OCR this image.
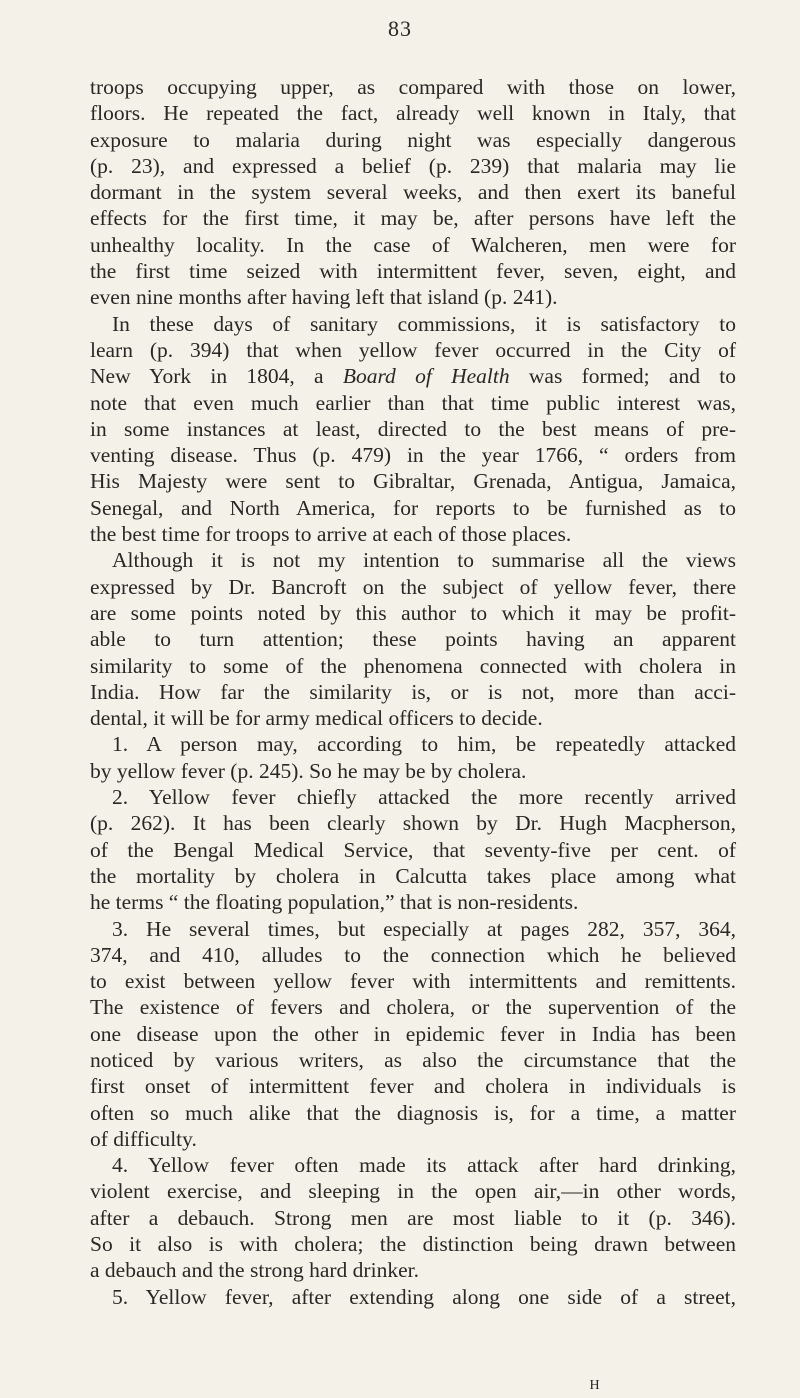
83
troops occupying upper, as compared with those on lower,
floors. He repeated the fact, already well known in Italy, that
exposure to malaria during night was especially dangerous
(p. 23), and expressed a belief (p. 239) that malaria may lie
dormant in the system several weeks, and then exert its baneful
effects for the first time, it may be, after persons have left the
unhealthy locality. In the case of Walcheren, men were for
the first time seized with intermittent fever, seven, eight, and
even nine months after having left that island (p. 241).
In these days of sanitary commissions, it is satisfactory to
learn (p. 394) that when yellow fever occurred in the City of
New York in 1804, a Board of Health was formed; and to
note that even much earlier than that time public interest was,
in some instances at least, directed to the best means of pre-
venting disease. Thus (p. 479) in the year 1766, “ orders from
His Majesty were sent to Gibraltar, Grenada, Antigua, Jamaica,
Senegal, and North America, for reports to be furnished as to
the best time for troops to arrive at each of those places.
Although it is not my intention to summarise all the views
expressed by Dr. Bancroft on the subject of yellow fever, there
are some points noted by this author to which it may be profit-
able to turn attention; these points having an apparent
similarity to some of the phenomena connected with cholera in
India. How far the similarity is, or is not, more than acci-
dental, it will be for army medical officers to decide.
1. A person may, according to him, be repeatedly attacked
by yellow fever (p. 245). So he may be by cholera.
2. Yellow fever chiefly attacked the more recently arrived
(p. 262). It has been clearly shown by Dr. Hugh Macpherson,
of the Bengal Medical Service, that seventy-five per cent. of
the mortality by cholera in Calcutta takes place among what
he terms “ the floating population,” that is non-residents.
3. He several times, but especially at pages 282, 357, 364,
374, and 410, alludes to the connection which he believed
to exist between yellow fever with intermittents and remittents.
The existence of fevers and cholera, or the supervention of the
one disease upon the other in epidemic fever in India has been
noticed by various writers, as also the circumstance that the
first onset of intermittent fever and cholera in individuals is
often so much alike that the diagnosis is, for a time, a matter
of difficulty.
4. Yellow fever often made its attack after hard drinking,
violent exercise, and sleeping in the open air,—in other words,
after a debauch. Strong men are most liable to it (p. 346).
So it also is with cholera; the distinction being drawn between
a debauch and the strong hard drinker.
5. Yellow fever, after extending along one side of a street,
H
